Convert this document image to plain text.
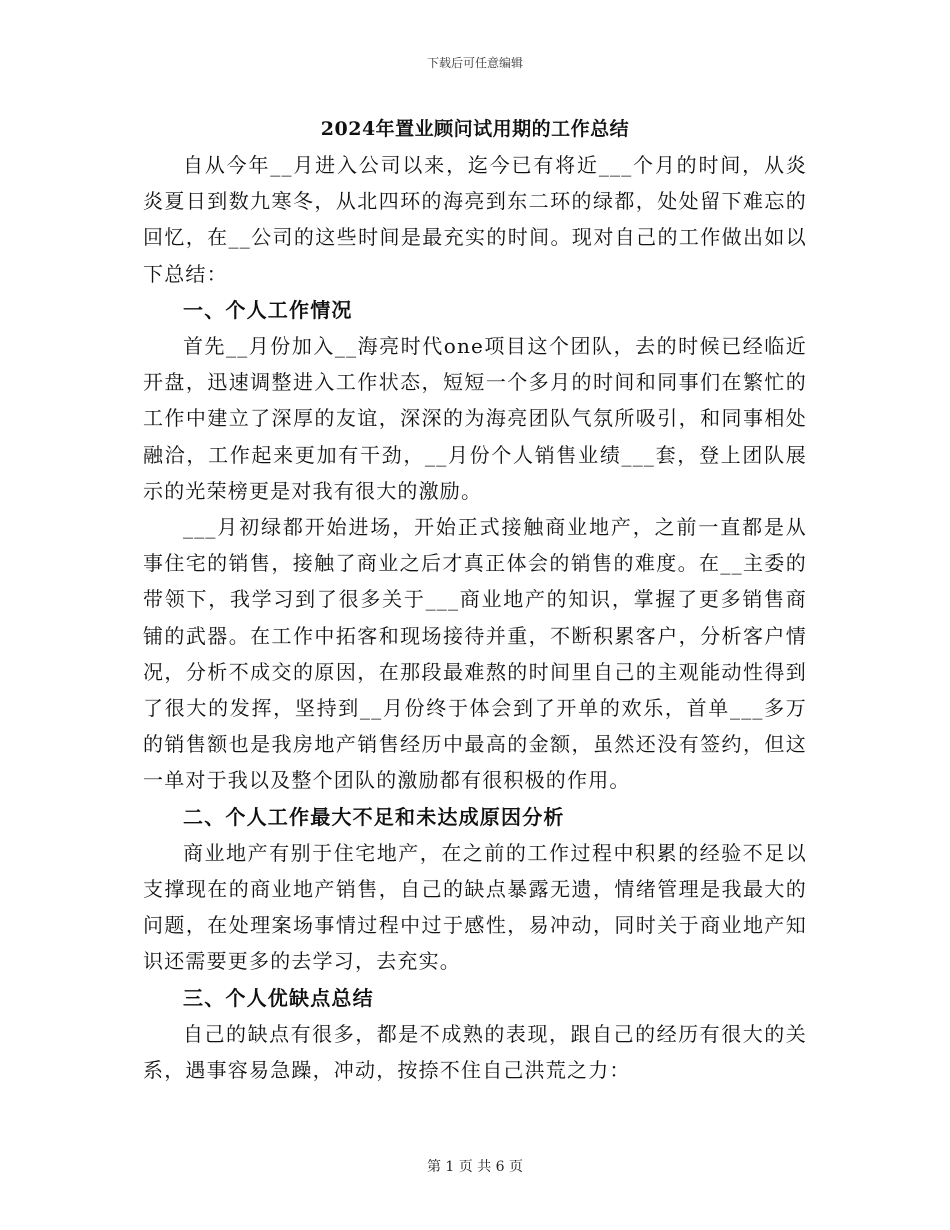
下载后可任意编辑
2024年置业顾问试用期的工作总结

自从今年__月进入公司以来，迄今已有将近___个月的时间，从炎炎夏日到数九寒冬，从北四环的海亮到东二环的绿都，处处留下难忘的回忆，在__公司的这些时间是最充实的时间。现对自己的工作做出如以下总结：

一、个人工作情况

首先__月份加入__海亮时代one项目这个团队，去的时候已经临近开盘，迅速调整进入工作状态，短短一个多月的时间和同事们在繁忙的工作中建立了深厚的友谊，深深的为海亮团队气氛所吸引，和同事相处融洽，工作起来更加有干劲，__月份个人销售业绩___套，登上团队展示的光荣榜更是对我有很大的激励。

___月初绿都开始进场，开始正式接触商业地产，之前一直都是从事住宅的销售，接触了商业之后才真正体会的销售的难度。在__主委的带领下，我学习到了很多关于___商业地产的知识，掌握了更多销售商铺的武器。在工作中拓客和现场接待并重，不断积累客户，分析客户情况，分析不成交的原因，在那段最难熬的时间里自己的主观能动性得到了很大的发挥，坚持到__月份终于体会到了开单的欢乐，首单___多万的销售额也是我房地产销售经历中最高的金额，虽然还没有签约，但这一单对于我以及整个团队的激励都有很积极的作用。

二、个人工作最大不足和未达成原因分析

商业地产有别于住宅地产，在之前的工作过程中积累的经验不足以支撑现在的商业地产销售，自己的缺点暴露无遗，情绪管理是我最大的问题，在处理案场事情过程中过于感性，易冲动，同时关于商业地产知识还需要更多的去学习，去充实。

三、个人优缺点总结

自己的缺点有很多，都是不成熟的表现，跟自己的经历有很大的关系，遇事容易急躁，冲动，按捺不住自己洪荒之力：

第 1 页 共 6 页
